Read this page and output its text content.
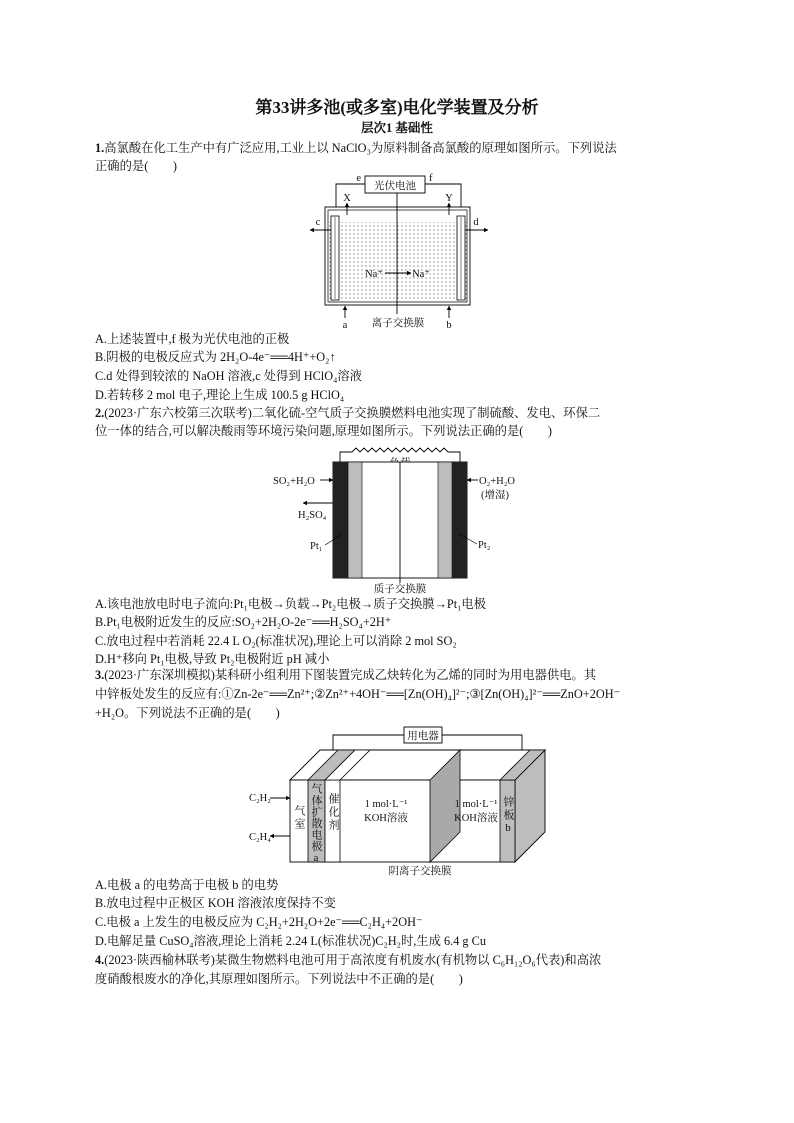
第33讲多池(或多室)电化学装置及分析
层次1 基础性
1.高氯酸在化工生产中有广泛应用,工业上以 NaClO₃为原料制备高氯酸的原理如图所示。下列说法
正确的是(　　)
光伏电池
e	f
X	Y
Na⁺	Na⁺
c	d
a	b
离子交换膜
A.上述装置中,f 极为光伏电池的正极
B.阴极的电极反应式为 2H₂O-4e⁻══4H⁺+O₂↑
C.d 处得到较浓的 NaOH 溶液,c 处得到 HClO₄溶液
D.若转移 2 mol 电子,理论上生成 100.5 g HClO₄
2.(2023·广东六校第三次联考)二氧化硫-空气质子交换膜燃料电池实现了制硫酸、发电、环保二
位一体的结合,可以解决酸雨等环境污染问题,原理如图所示。下列说法正确的是(　　)
SO₂+H₂O
H₂SO₄
Pt₁
O₂+H₂O
(增湿)
Pt₂
质子交换膜
A.该电池放电时电子流向:Pt₁电极→负载→Pt₂电极→质子交换膜→Pt₁电极
B.Pt₁电极附近发生的反应:SO₂+2H₂O-2e⁻══H₂SO₄+2H⁺
C.放电过程中若消耗 22.4 L O₂(标准状况),理论上可以消除 2 mol SO₂
D.H⁺移向 Pt₁电极,导致 Pt₂电极附近 pH 减小
3.(2023·广东深圳模拟)某科研小组利用下图装置完成乙炔转化为乙烯的同时为用电器供电。其
中锌板处发生的反应有:①Zn-2e⁻══Zn²⁺;②Zn²⁺+4OH⁻══[Zn(OH)₄]²⁻;③[Zn(OH)₄]²⁻══ZnO+2OH⁻
+H₂O。下列说法不正确的是(　　)
用电器
C₂H₂
C₂H₄
1 mol·L⁻¹
KOH溶液
1 mol·L⁻¹
KOH溶液
阴离子交换膜
气室 气体扩散电极a 催化剂	锌板b
A.电极 a 的电势高于电极 b 的电势
B.放电过程中正极区 KOH 溶液浓度保持不变
C.电极 a 上发生的电极反应为 C₂H₂+2H₂O+2e⁻══C₂H₄+2OH⁻
D.电解足量 CuSO₄溶液,理论上消耗 2.24 L(标准状况)C₂H₂时,生成 6.4 g Cu
4.(2023·陕西榆林联考)某微生物燃料电池可用于高浓度有机废水(有机物以 C₆H₁₂O₆代表)和高浓
度硝酸根废水的净化,其原理如图所示。下列说法中不正确的是(　　)
